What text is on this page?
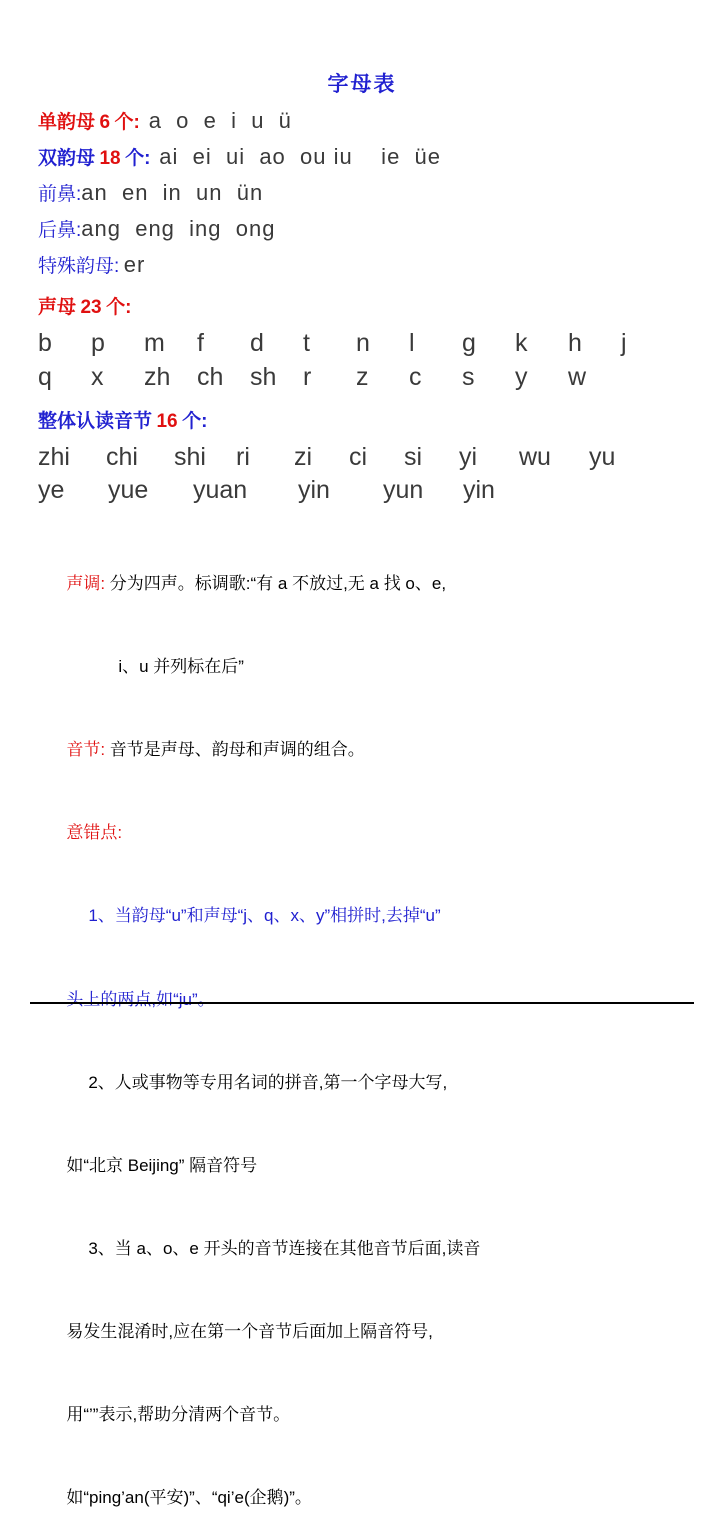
字母表
单韵母
6
个:
a  o  e  i  u  ü
双韵母
18
个:
ai  ei  ui  ao  ou iu    ie  üe
前鼻: an  en  in  un  ün
后鼻: ang  eng  ing  ong
特殊韵母:
er
声母
23
个:
b	p	m	f	d	t	n	l	g	k	h	j
q	x	zh	ch	sh	r	z	c	s	y	w
整体认读音节
16
个:
zhi	chi	shi	ri	zi	ci	si	yi	wu	yu
ye	yue	yuan	yin	yun	yin

声调: 分为四声。标调歌:“有 a 不放过,无 a 找 o、e,

i、u 并列标在后”

音节: 音节是声母、韵母和声调的组合。

意错点:

1、当韵母“u”和声母“j、q、x、y”相拼时,去掉“u”

头上的两点,如“ju”。

2、人或事物等专用名词的拼音,第一个字母大写,

如“北京 Beijing” 隔音符号

3、当 a、o、e 开头的音节连接在其他音节后面,读音

易发生混淆时,应在第一个音节后面加上隔音符号,

用“’”表示,帮助分清两个音节。

如“ping’an(平安)”、“qi’e(企鹅)”。
